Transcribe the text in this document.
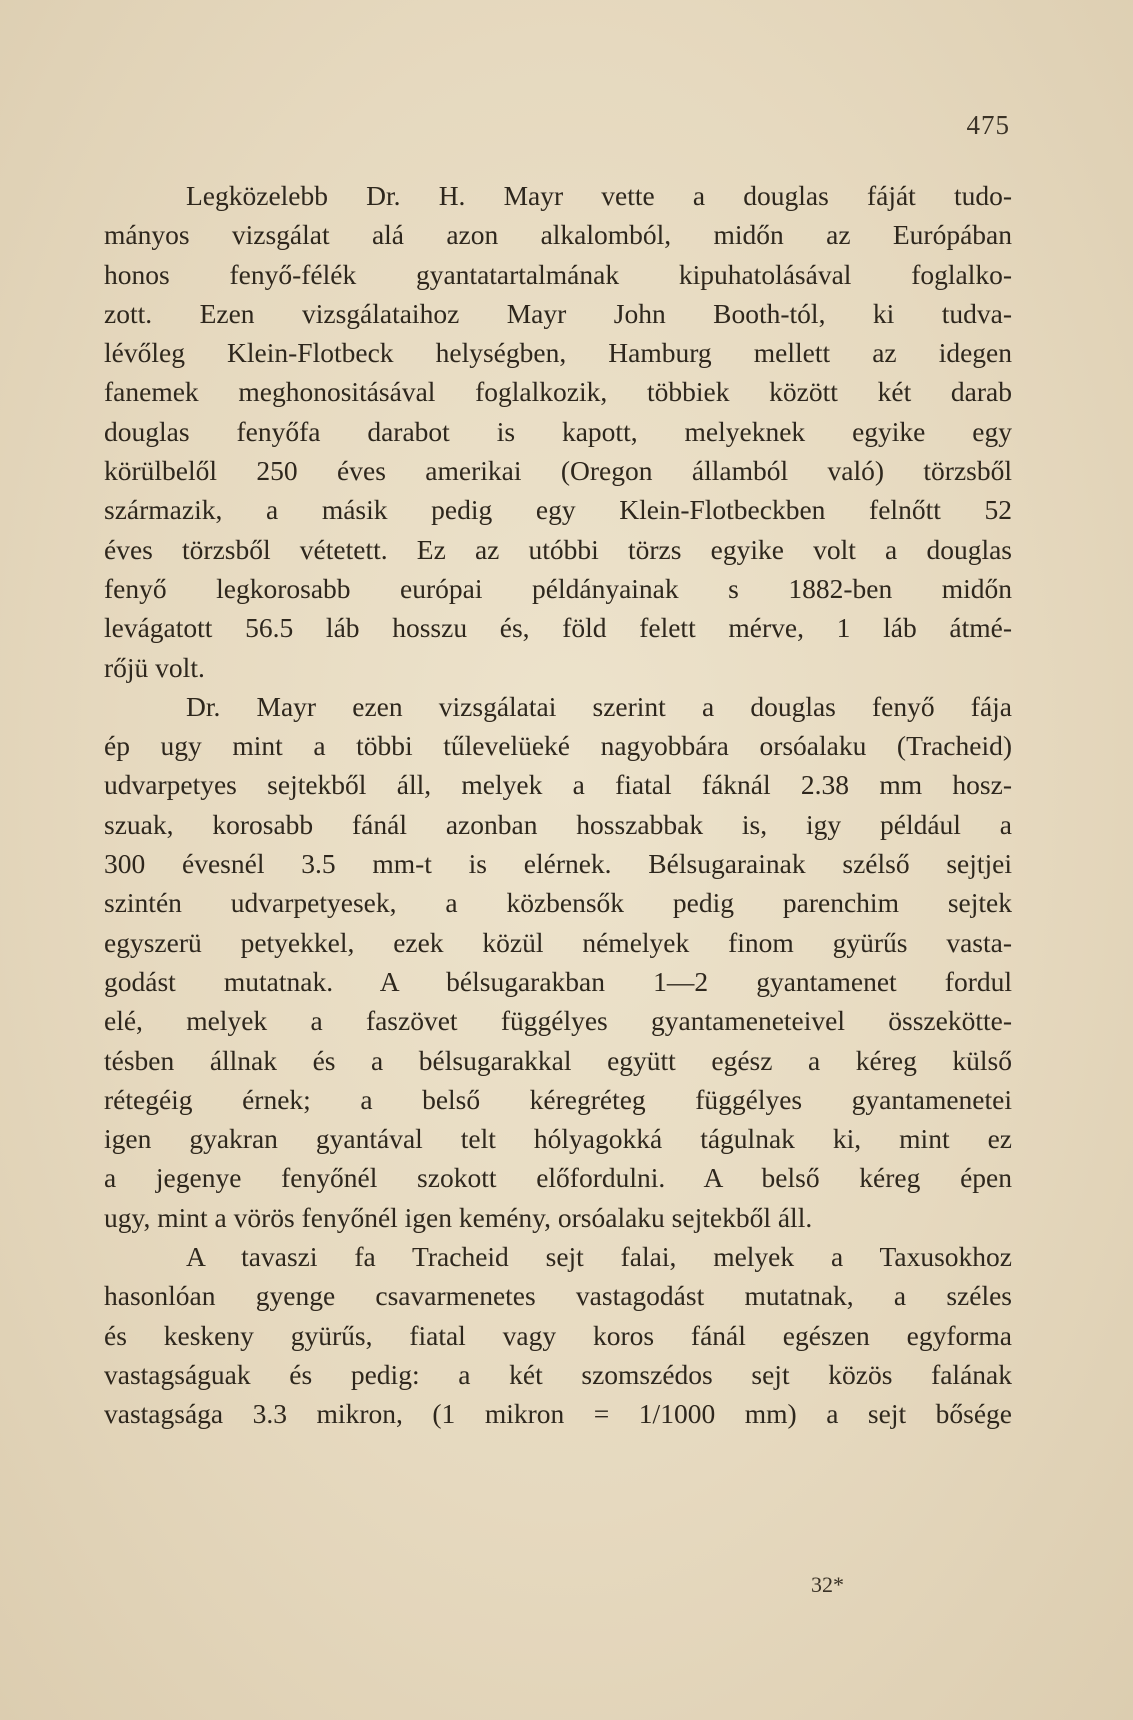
475
Legközelebb Dr. H. Mayr vette a douglas fáját tudo-
mányos vizsgálat alá azon alkalomból, midőn az Európában
honos fenyő-félék gyantatartalmának kipuhatolásával foglalko-
zott. Ezen vizsgálataihoz Mayr John Booth-tól, ki tudva-
lévőleg Klein-Flotbeck helységben, Hamburg mellett az idegen
fanemek meghonositásával foglalkozik, többiek között két darab
douglas fenyőfa darabot is kapott, melyeknek egyike egy
körülbelől 250 éves amerikai (Oregon államból való) törzsből
származik, a másik pedig egy Klein-Flotbeckben felnőtt 52
éves törzsből vétetett. Ez az utóbbi törzs egyike volt a douglas
fenyő legkorosabb európai példányainak s 1882-ben midőn
levágatott 56.5 láb hosszu és, föld felett mérve, 1 láb átmé-
rőjü volt.
Dr. Mayr ezen vizsgálatai szerint a douglas fenyő fája
ép ugy mint a többi tűlevelüeké nagyobbára orsóalaku (Tracheid)
udvarpetyes sejtekből áll, melyek a fiatal fáknál 2.38 mm hosz-
szuak, korosabb fánál azonban hosszabbak is, igy például a
300 évesnél 3.5 mm-t is elérnek. Bélsugarainak szélső sejtjei
szintén udvarpetyesek, a közbensők pedig parenchim sejtek
egyszerü petyekkel, ezek közül némelyek finom gyürűs vasta-
godást mutatnak. A bélsugarakban 1—2 gyantamenet fordul
elé, melyek a faszövet függélyes gyantameneteivel összekötte-
tésben állnak és a bélsugarakkal együtt egész a kéreg külső
rétegéig érnek; a belső kéregréteg függélyes gyantamenetei
igen gyakran gyantával telt hólyagokká tágulnak ki, mint ez
a jegenye fenyőnél szokott előfordulni. A belső kéreg épen
ugy, mint a vörös fenyőnél igen kemény, orsóalaku sejtekből áll.
A tavaszi fa Tracheid sejt falai, melyek a Taxusokhoz
hasonlóan gyenge csavarmenetes vastagodást mutatnak, a széles
és keskeny gyürűs, fiatal vagy koros fánál egészen egyforma
vastagságuak és pedig: a két szomszédos sejt közös falának
vastagsága 3.3 mikron, (1 mikron = 1/1000 mm) a sejt bősége
32*
